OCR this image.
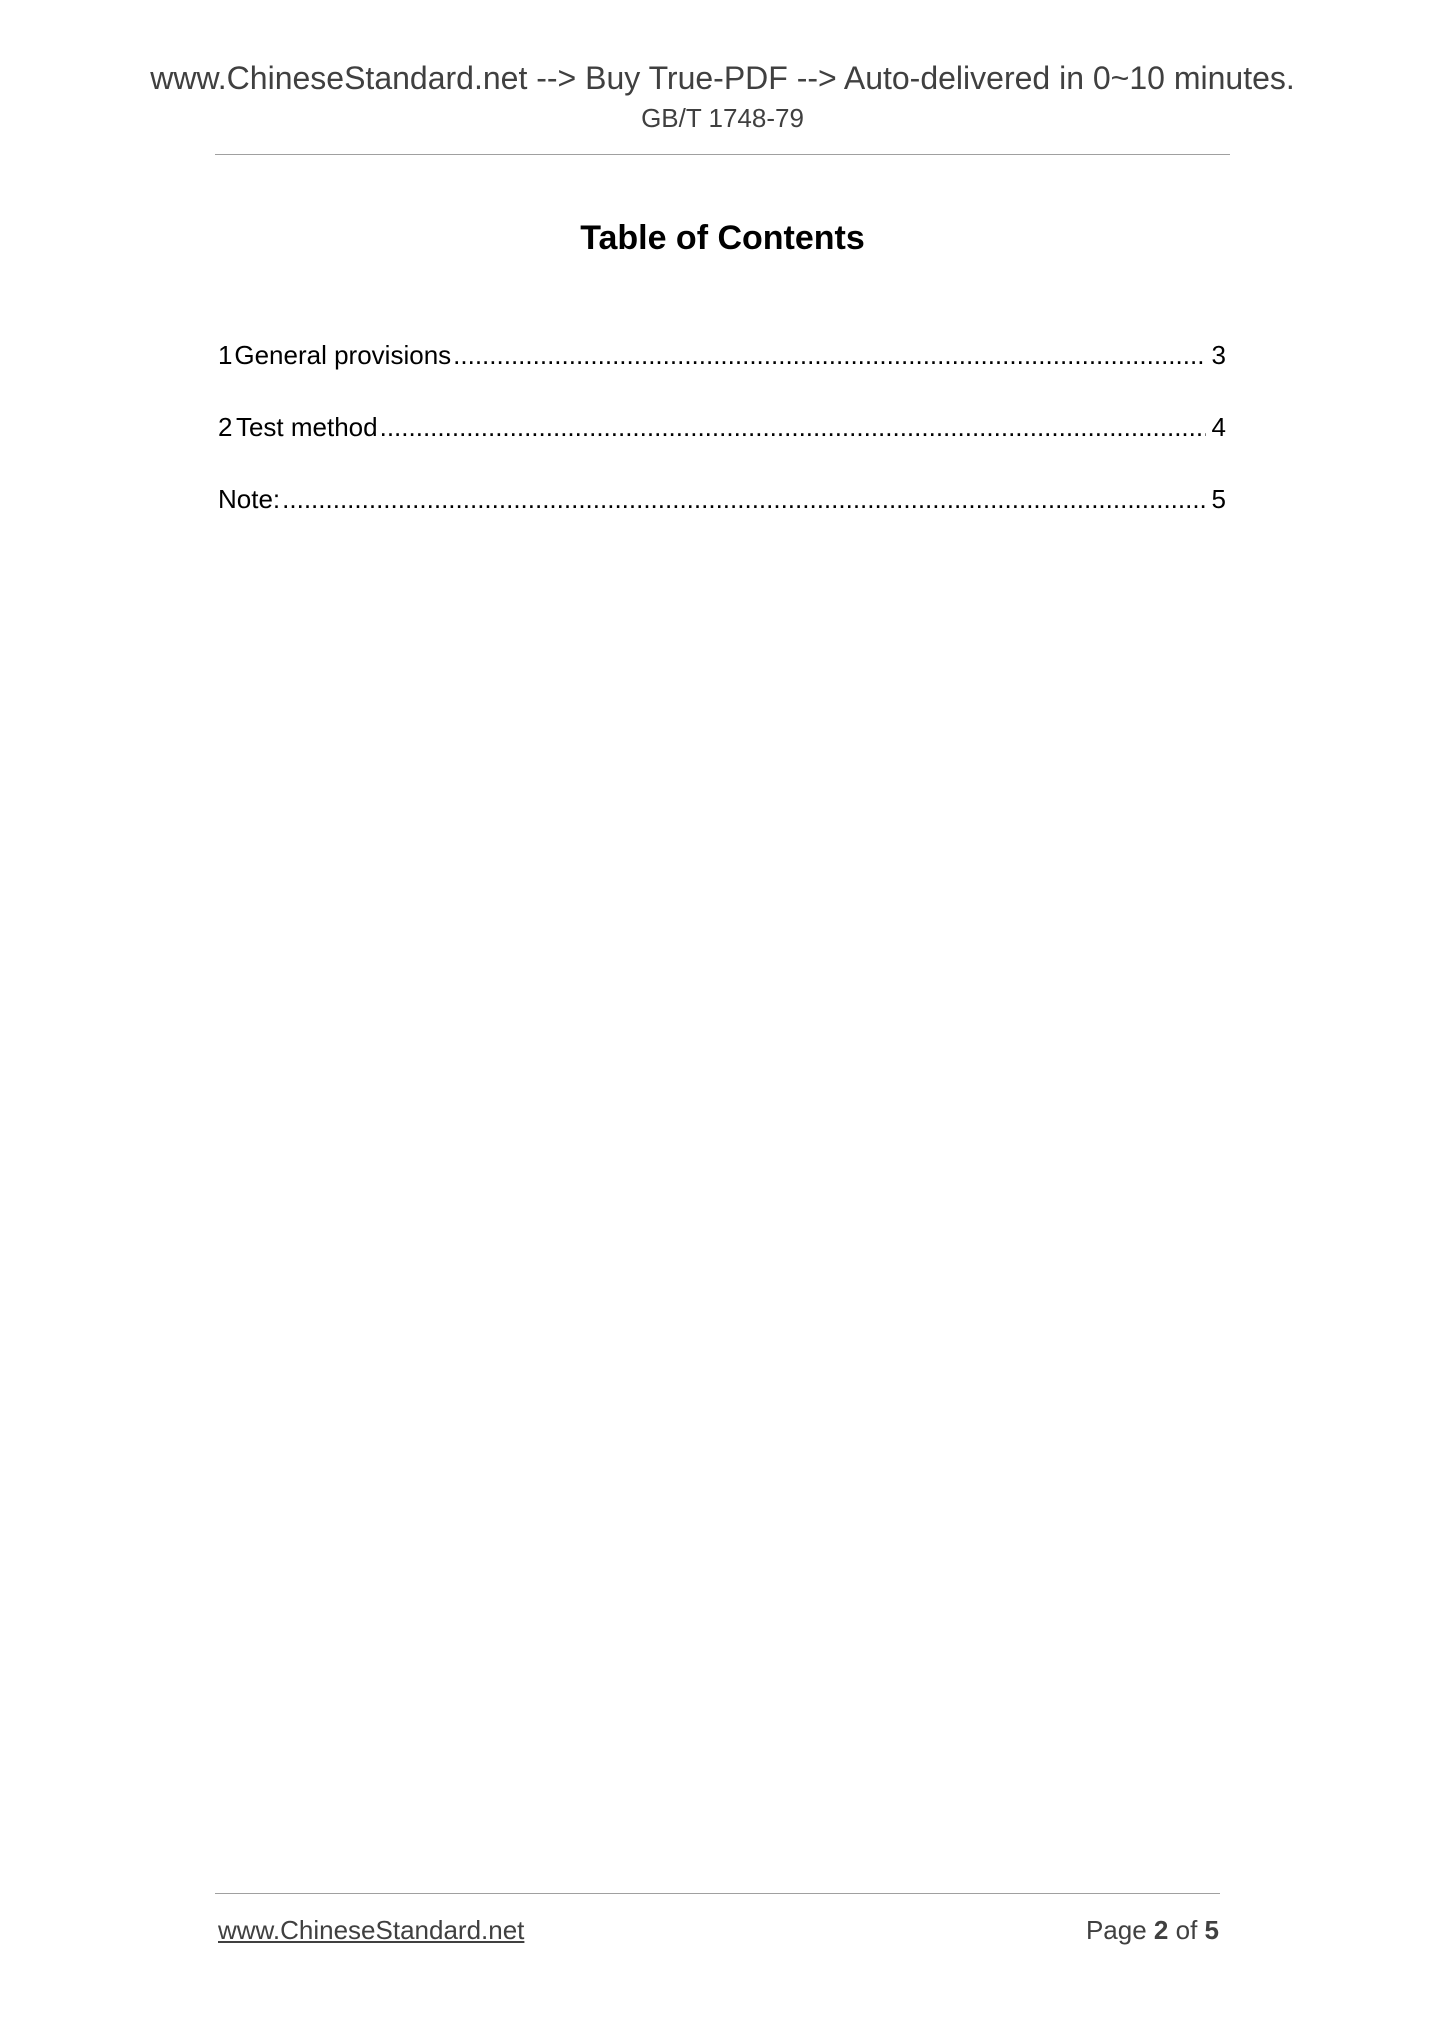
www.ChineseStandard.net --> Buy True-PDF --> Auto-delivered in 0~10 minutes.
GB/T 1748-79
Table of Contents
1 General provisions .....	3
2 Test method .....	4
Note: .....	5
www.ChineseStandard.net	Page 2 of 5
